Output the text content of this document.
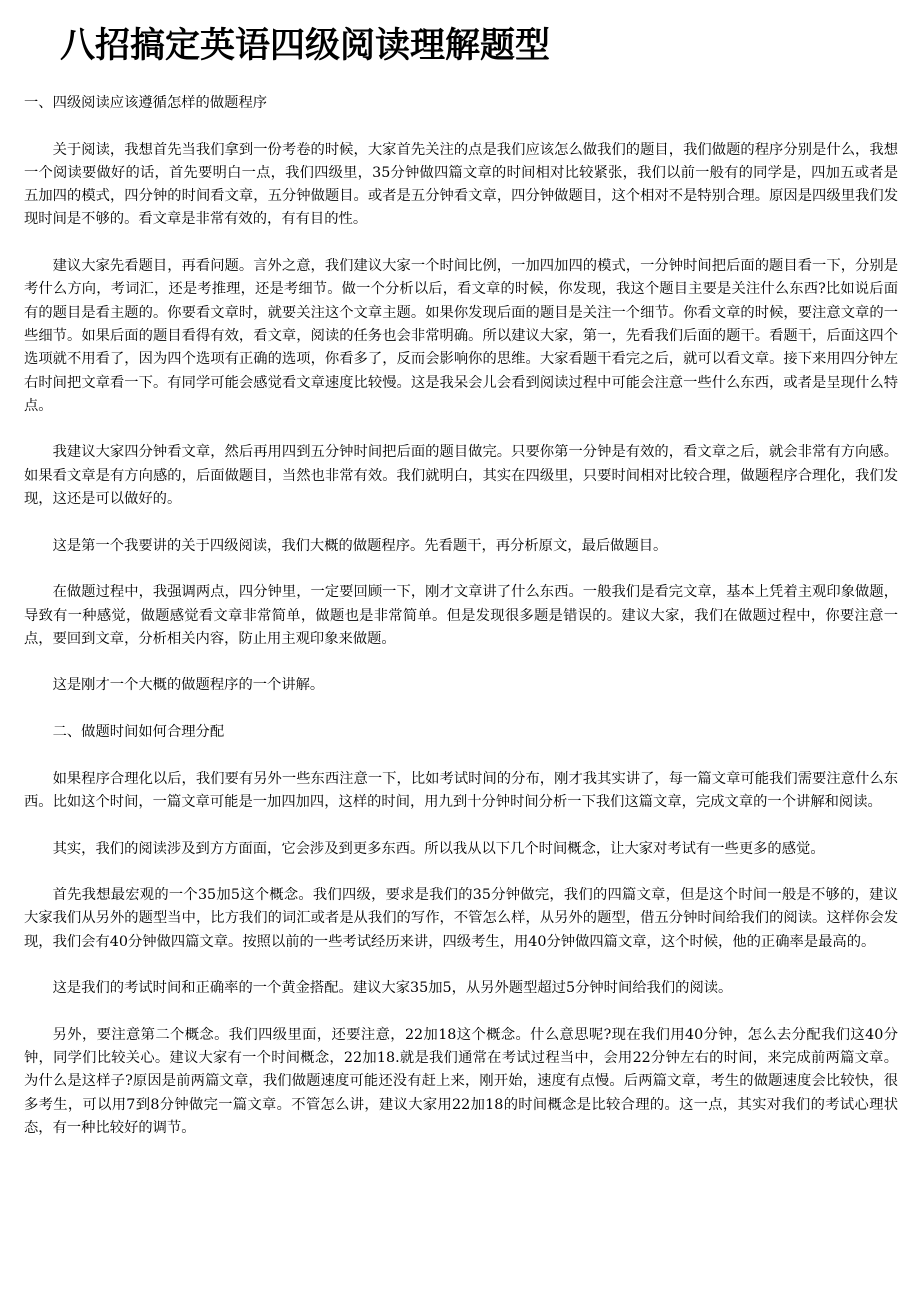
八招搞定英语四级阅读理解题型

一、四级阅读应该遵循怎样的做题程序

关于阅读，我想首先当我们拿到一份考卷的时候，大家首先关注的点是我们应该怎么做我们的题目，我们做题的程序分别是什么，我想一个阅读要做好的话，首先要明白一点，我们四级里，35分钟做四篇文章的时间相对比较紧张，我们以前一般有的同学是，四加五或者是五加四的模式，四分钟的时间看文章，五分钟做题目。或者是五分钟看文章，四分钟做题目，这个相对不是特别合理。原因是四级里我们发现时间是不够的。看文章是非常有效的，有有目的性。

建议大家先看题目，再看问题。言外之意，我们建议大家一个时间比例，一加四加四的模式，一分钟时间把后面的题目看一下，分别是考什么方向，考词汇，还是考推理，还是考细节。做一个分析以后，看文章的时候，你发现，我这个题目主要是关注什么东西?比如说后面有的题目是看主题的。你要看文章时，就要关注这个文章主题。如果你发现后面的题目是关注一个细节。你看文章的时候，要注意文章的一些细节。如果后面的题目看得有效，看文章，阅读的任务也会非常明确。所以建议大家，第一，先看我们后面的题干。看题干，后面这四个选项就不用看了，因为四个选项有正确的选项，你看多了，反而会影响你的思维。大家看题干看完之后，就可以看文章。接下来用四分钟左右时间把文章看一下。有同学可能会感觉看文章速度比较慢。这是我呆会儿会看到阅读过程中可能会注意一些什么东西，或者是呈现什么特点。

我建议大家四分钟看文章，然后再用四到五分钟时间把后面的题目做完。只要你第一分钟是有效的，看文章之后，就会非常有方向感。如果看文章是有方向感的，后面做题目，当然也非常有效。我们就明白，其实在四级里，只要时间相对比较合理，做题程序合理化，我们发现，这还是可以做好的。

这是第一个我要讲的关于四级阅读，我们大概的做题程序。先看题干，再分析原文，最后做题目。

在做题过程中，我强调两点，四分钟里，一定要回顾一下，刚才文章讲了什么东西。一般我们是看完文章，基本上凭着主观印象做题，导致有一种感觉，做题感觉看文章非常简单，做题也是非常简单。但是发现很多题是错误的。建议大家，我们在做题过程中，你要注意一点，要回到文章，分析相关内容，防止用主观印象来做题。

这是刚才一个大概的做题程序的一个讲解。

二、做题时间如何合理分配

如果程序合理化以后，我们要有另外一些东西注意一下，比如考试时间的分布，刚才我其实讲了，每一篇文章可能我们需要注意什么东西。比如这个时间，一篇文章可能是一加四加四，这样的时间，用九到十分钟时间分析一下我们这篇文章，完成文章的一个讲解和阅读。

其实，我们的阅读涉及到方方面面，它会涉及到更多东西。所以我从以下几个时间概念，让大家对考试有一些更多的感觉。

首先我想最宏观的一个35加5这个概念。我们四级，要求是我们的35分钟做完，我们的四篇文章，但是这个时间一般是不够的，建议大家我们从另外的题型当中，比方我们的词汇或者是从我们的写作，不管怎么样，从另外的题型，借五分钟时间给我们的阅读。这样你会发现，我们会有40分钟做四篇文章。按照以前的一些考试经历来讲，四级考生，用40分钟做四篇文章，这个时候，他的正确率是最高的。

这是我们的考试时间和正确率的一个黄金搭配。建议大家35加5，从另外题型超过5分钟时间给我们的阅读。

另外，要注意第二个概念。我们四级里面，还要注意，22加18这个概念。什么意思呢?现在我们用40分钟，怎么去分配我们这40分钟，同学们比较关心。建议大家有一个时间概念，22加18.就是我们通常在考试过程当中，会用22分钟左右的时间，来完成前两篇文章。为什么是这样子?原因是前两篇文章，我们做题速度可能还没有赶上来，刚开始，速度有点慢。后两篇文章，考生的做题速度会比较快，很多考生，可以用7到8分钟做完一篇文章。不管怎么讲，建议大家用22加18的时间概念是比较合理的。这一点，其实对我们的考试心理状态，有一种比较好的调节。
